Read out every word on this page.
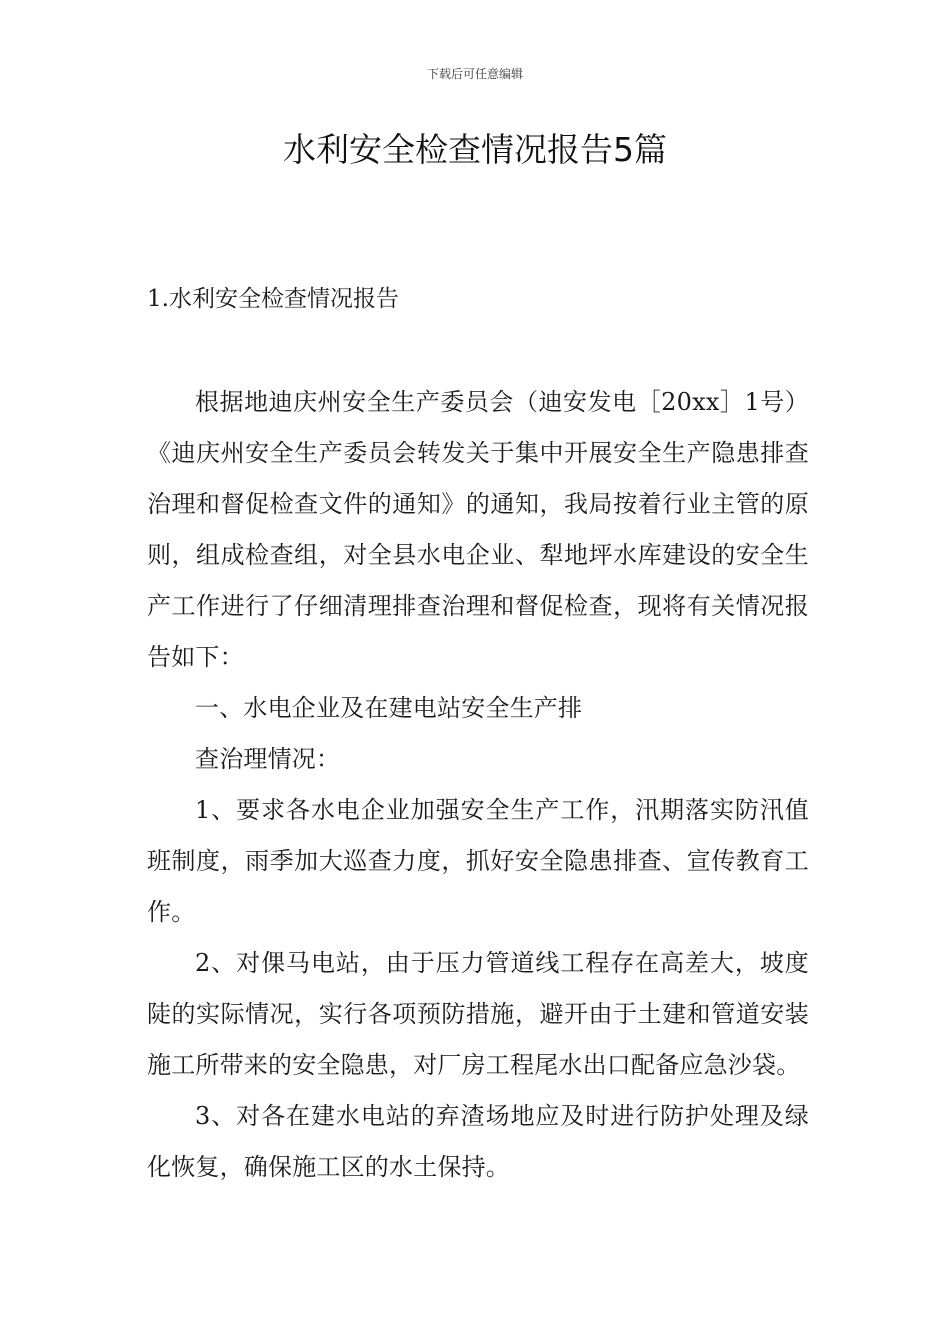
下载后可任意编辑
水利安全检查情况报告5篇
1.水利安全检查情况报告

根据地迪庆州安全生产委员会（迪安发电［20xx］1号）《迪庆州安全生产委员会转发关于集中开展安全生产隐患排查治理和督促检查文件的通知》的通知，我局按着行业主管的原则，组成检查组，对全县水电企业、犁地坪水库建设的安全生产工作进行了仔细清理排查治理和督促检查，现将有关情况报告如下：

一、水电企业及在建电站安全生产排

查治理情况：

1、要求各水电企业加强安全生产工作，汛期落实防汛值班制度，雨季加大巡查力度，抓好安全隐患排查、宣传教育工作。

2、对倮马电站，由于压力管道线工程存在高差大，坡度陡的实际情况，实行各项预防措施，避开由于土建和管道安装施工所带来的安全隐患，对厂房工程尾水出口配备应急沙袋。

3、对各在建水电站的弃渣场地应及时进行防护处理及绿化恢复，确保施工区的水土保持。
